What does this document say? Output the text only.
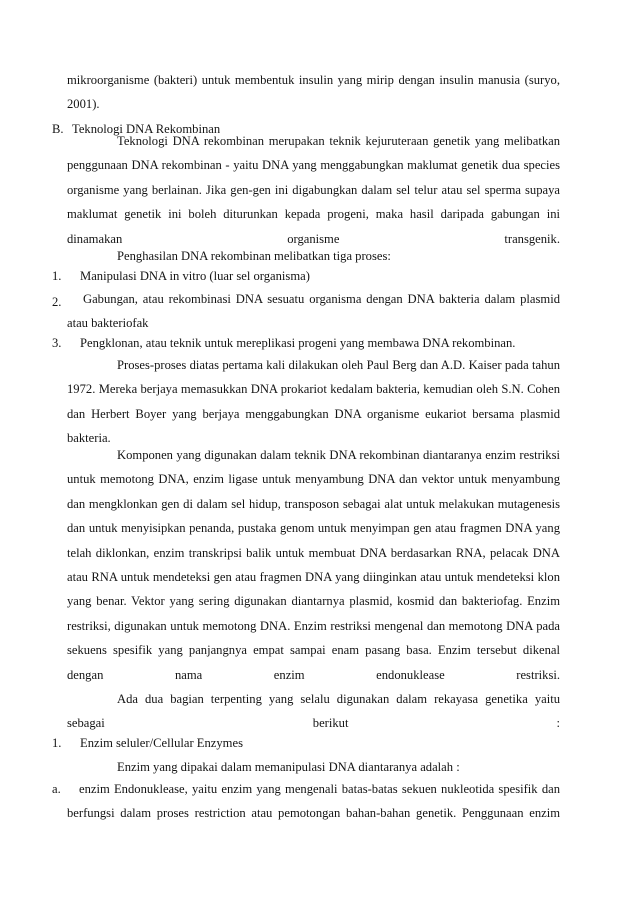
mikroorganisme (bakteri) untuk membentuk insulin yang mirip dengan insulin manusia (suryo, 2001).
B. Teknologi DNA Rekombinan
Teknologi DNA rekombinan merupakan teknik kejuruteraan genetik yang melibatkan penggunaan DNA rekombinan - yaitu DNA yang menggabungkan maklumat genetik dua species organisme yang berlainan. Jika gen-gen ini digabungkan dalam sel telur atau sel sperma supaya maklumat genetik ini boleh diturunkan kepada progeni, maka hasil daripada gabungan ini dinamakan organisme transgenik.
Penghasilan DNA rekombinan melibatkan tiga proses:
1. Manipulasi DNA in vitro (luar sel organisma)
2.	Gabungan, atau rekombinasi DNA sesuatu organisma dengan DNA bakteria dalam plasmid atau bakteriofak
3. Pengklonan, atau teknik untuk mereplikasi progeni yang membawa DNA rekombinan.
Proses-proses diatas pertama kali dilakukan oleh Paul Berg dan A.D. Kaiser pada tahun 1972. Mereka berjaya memasukkan DNA prokariot kedalam bakteria, kemudian oleh S.N. Cohen dan Herbert Boyer yang berjaya menggabungkan DNA organisme eukariot bersama plasmid bakteria.
Komponen yang digunakan dalam teknik DNA rekombinan diantaranya enzim restriksi untuk memotong DNA, enzim ligase untuk menyambung DNA dan vektor untuk menyambung dan mengklonkan gen di dalam sel hidup, transposon sebagai alat untuk melakukan mutagenesis dan untuk menyisipkan penanda, pustaka genom untuk menyimpan gen atau fragmen DNA yang telah diklonkan, enzim transkripsi balik untuk membuat DNA berdasarkan RNA, pelacak DNA atau RNA untuk mendeteksi gen atau fragmen DNA yang diinginkan atau untuk mendeteksi klon yang benar. Vektor yang sering digunakan diantarnya plasmid, kosmid dan bakteriofag. Enzim restriksi, digunakan untuk memotong DNA. Enzim restriksi mengenal dan memotong DNA pada sekuens spesifik yang panjangnya empat sampai enam pasang basa. Enzim tersebut dikenal dengan nama enzim endonuklease restriksi.
Ada dua bagian terpenting yang selalu digunakan dalam rekayasa genetika yaitu sebagai berikut :
1. Enzim seluler/Cellular Enzymes
Enzim yang dipakai dalam memanipulasi DNA diantaranya adalah :
a.	enzim Endonuklease, yaitu enzim yang mengenali batas-batas sekuen nukleotida spesifik dan berfungsi dalam proses restriction atau pemotongan bahan-bahan genetik. Penggunaan enzim
